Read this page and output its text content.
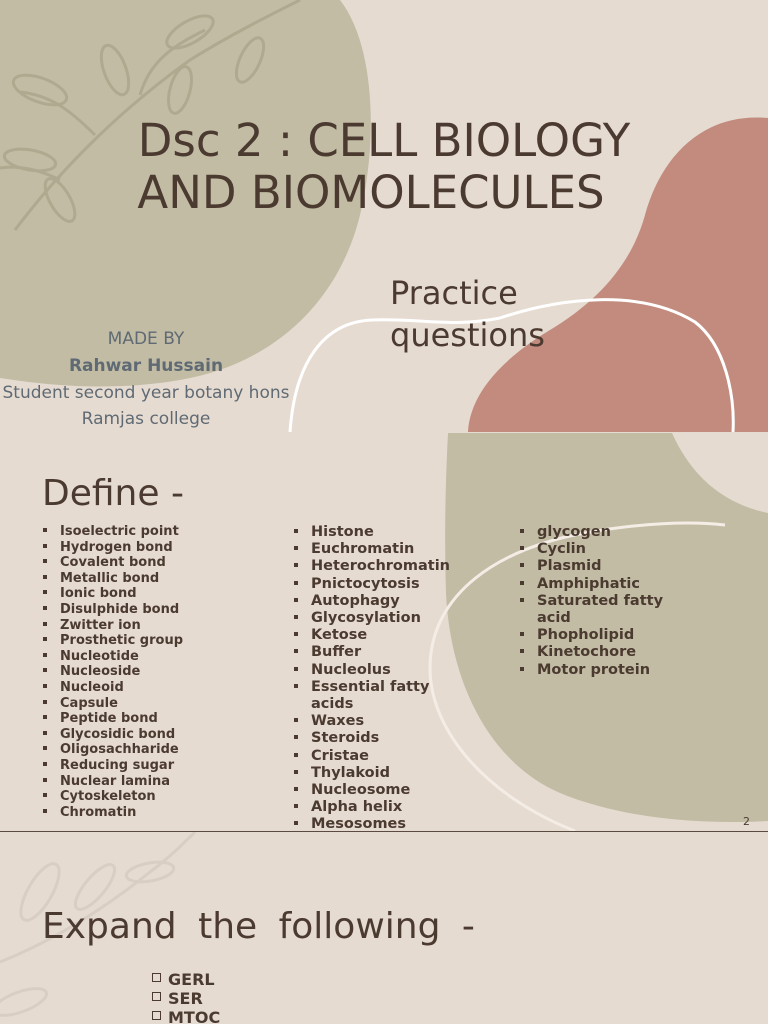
Dsc 2 : CELL BIOLOGY
AND BIOMOLECULES
Practice
questions
MADE BY
Rahwar Hussain
Student second year botany hons
Ramjas college
Define -
Isoelectric point
Hydrogen bond
Covalent bond
Metallic bond
Ionic bond
Disulphide bond
Zwitter ion
Prosthetic group
Nucleotide
Nucleoside
Nucleoid
Capsule
Peptide bond
Glycosidic bond
Oligosachharide
Reducing sugar
Nuclear lamina
Cytoskeleton
Chromatin
Histone
Euchromatin
Heterochromatin
Pnictocytosis
Autophagy
Glycosylation
Ketose
Buffer
Nucleolus
Essential fatty acids
Waxes
Steroids
Cristae
Thylakoid
Nucleosome
Alpha helix
Mesosomes
glycogen
Cyclin
Plasmid
Amphiphatic
Saturated fatty acid
Phopholipid
Kinetochore
Motor protein
2
Expand the following -
GERL
SER
MTOC
